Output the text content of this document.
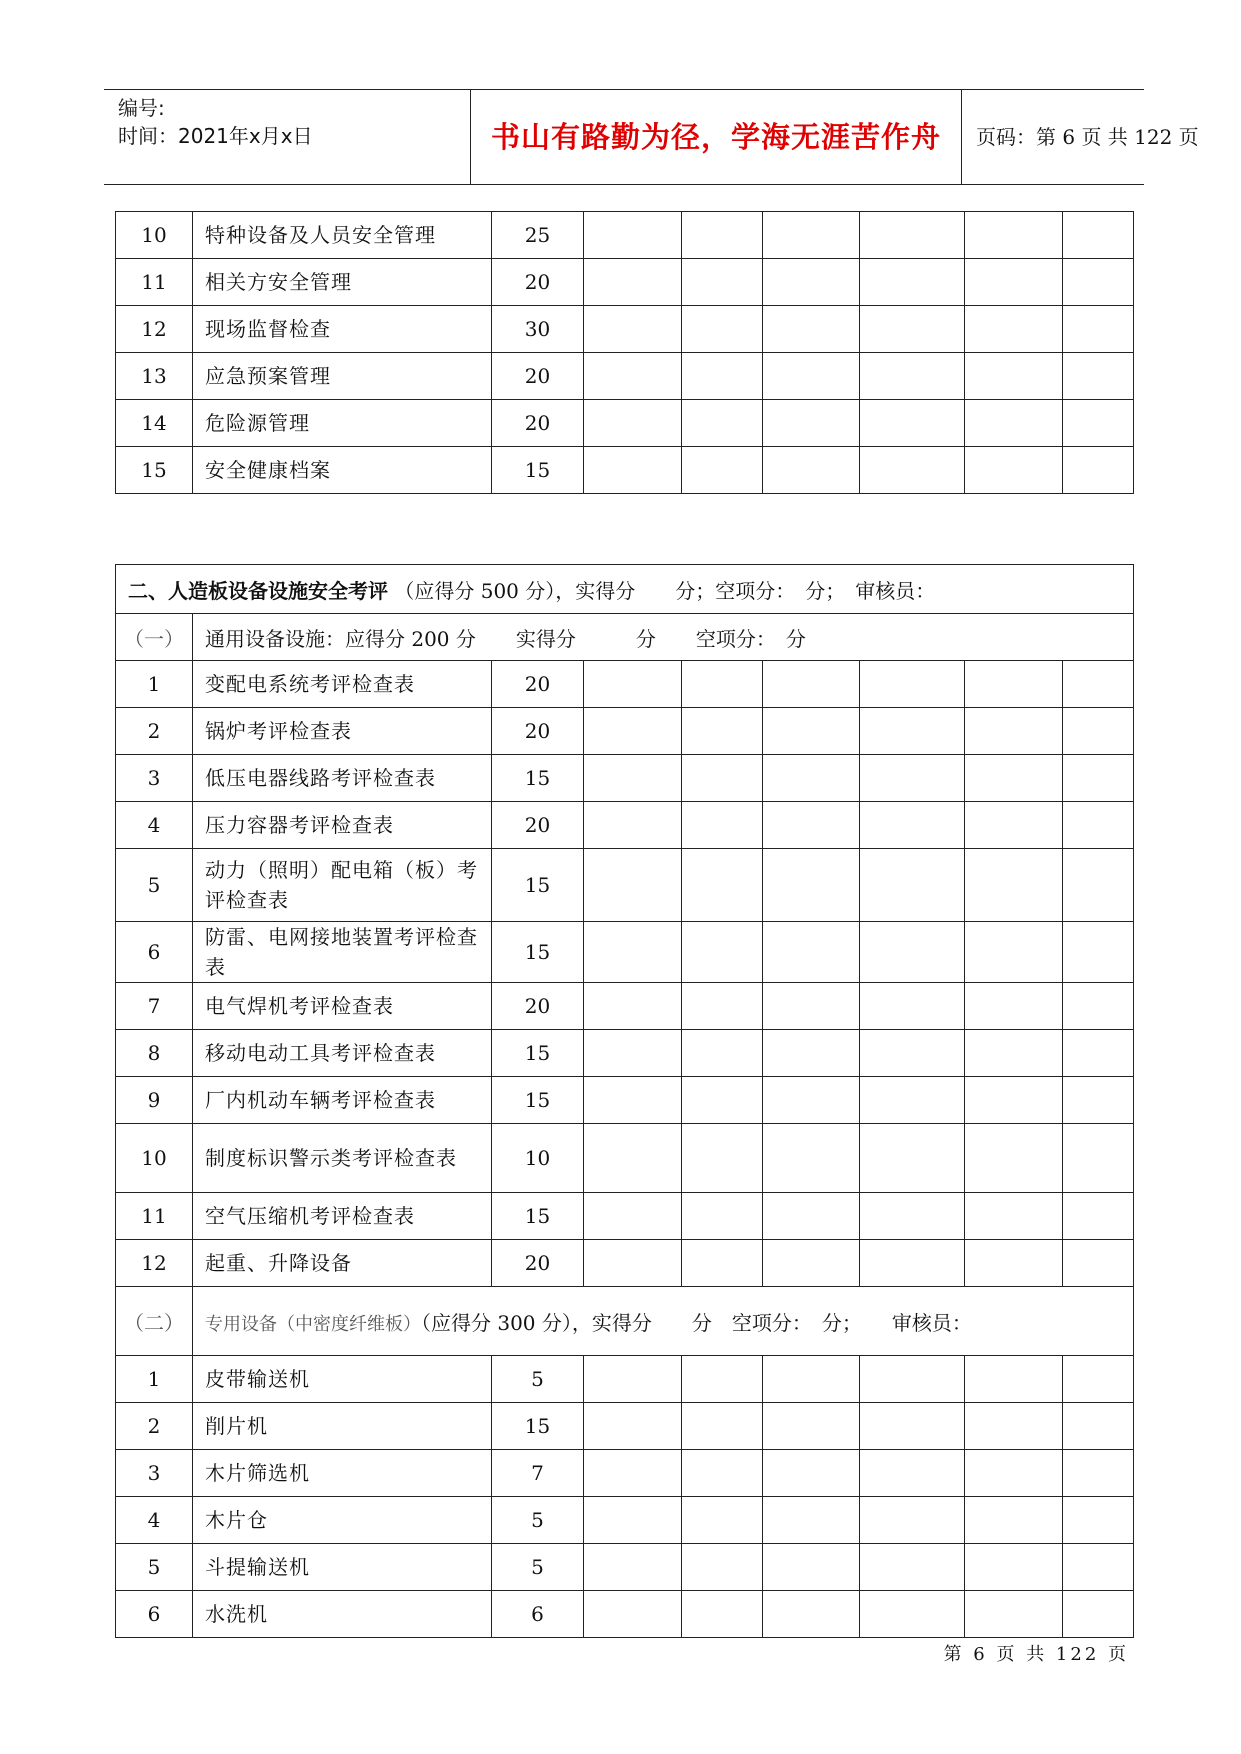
编号:
时间：2021年x月x日	书山有路勤为径，学海无涯苦作舟	页码：第 6 页 共 122 页
10	特种设备及人员安全管理	25						
11	相关方安全管理	20						
12	现场监督检查	30						
13	应急预案管理	20						
14	危险源管理	20						
15	安全健康档案	15						
二、人造板设备设施安全考评 （应得分 500 分），实得分　　分；空项分：　分；　审核员：								
（一）	通用设备设施：应得分 200 分　　实得分　　　分　　空项分：　分							
1	变配电系统考评检查表	20						
2	锅炉考评检查表	20						
3	低压电器线路考评检查表	15						
4	压力容器考评检查表	20						
5	动力（照明）配电箱（板）考评检查表	15						
6	防雷、电网接地装置考评检查表	15						
7	电气焊机考评检查表	20						
8	移动电动工具考评检查表	15						
9	厂内机动车辆考评检查表	15						
10	制度标识警示类考评检查表	10						
11	空气压缩机考评检查表	15						
12	起重、升降设备	20						
（二）	专用设备（中密度纤维板）（应得分 300 分），实得分　　分　空项分：　分；　　审核员：							
1	皮带输送机	5						
2	削片机	15						
3	木片筛选机	7						
4	木片仓	5						
5	斗提输送机	5						
6	水洗机	6						
第 6 页 共 122 页
